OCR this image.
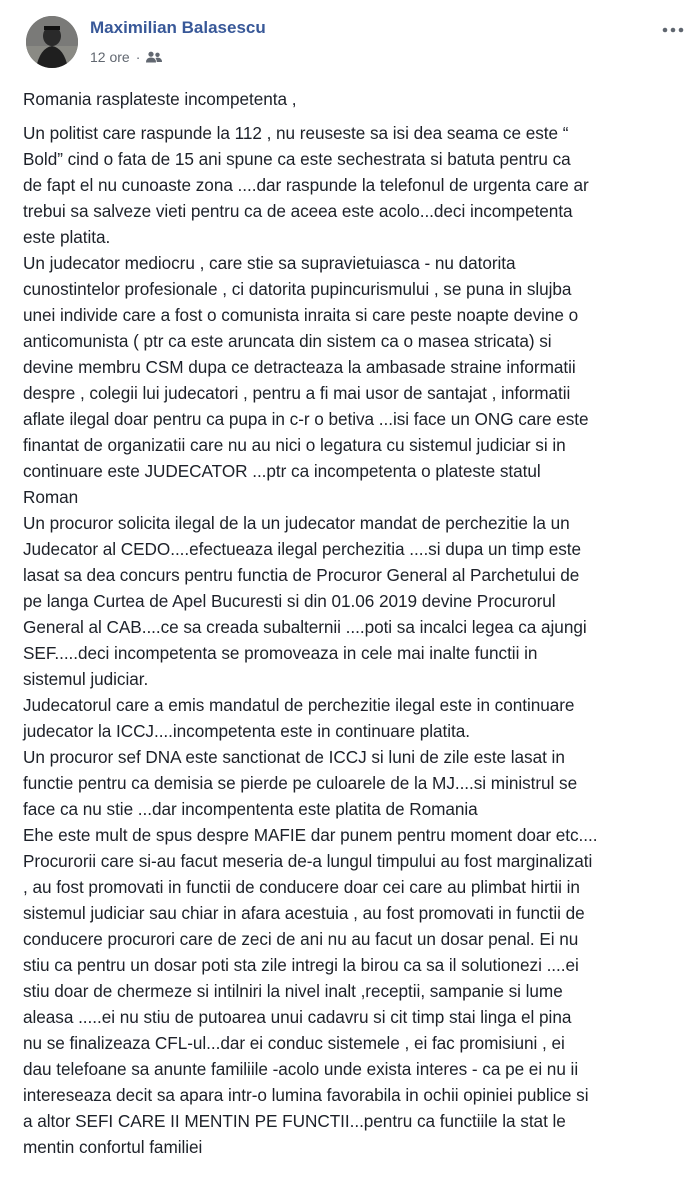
Maximilian Balasescu
12 ore ·
Romania rasplateste incompetenta ,
Un politist care raspunde la 112 , nu reuseste sa isi dea seama ce este “
Bold” cind o fata de 15 ani spune ca este sechestrata si batuta pentru ca
de fapt el nu cunoaste zona ....dar raspunde la telefonul de urgenta care ar
trebui sa salveze vieti pentru ca de aceea este acolo...deci incompetenta
este platita.
Un judecator mediocru , care stie sa supravietuiasca - nu datorita
cunostintelor profesionale , ci datorita pupincurismului , se puna in slujba
unei individe care a fost o comunista inraita si care peste noapte devine o
anticomunista ( ptr ca este aruncata din sistem ca o masea stricata) si
devine membru CSM dupa ce detracteaza la ambasade straine informatii
despre , colegii lui judecatori , pentru a fi mai usor de santajat , informatii
aflate ilegal doar pentru ca pupa in c-r o betiva ...isi face un ONG care este
finantat de organizatii care nu au nici o legatura cu sistemul judiciar si in
continuare este JUDECATOR ...ptr ca incompetenta o plateste statul
Roman
Un procuror solicita ilegal de la un judecator mandat de perchezitie la un
Judecator al CEDO....efectueaza ilegal perchezitia ....si dupa un timp este
lasat sa dea concurs pentru functia de Procuror General al Parchetului de
pe langa Curtea de Apel Bucuresti si din 01.06 2019 devine Procurorul
General al CAB....ce sa creada subalternii ....poti sa incalci legea ca ajungi
SEF.....deci incompetenta se promoveaza in cele mai inalte functii in
sistemul judiciar.
Judecatorul care a emis mandatul de perchezitie ilegal este in continuare
judecator la ICCJ....incompetenta este in continuare platita.
Un procuror sef DNA este sanctionat de ICCJ si luni de zile este lasat in
functie pentru ca demisia se pierde pe culoarele de la MJ....si ministrul se
face ca nu stie ...dar incompententa este platita de Romania
Ehe este mult de spus despre MAFIE dar punem pentru moment doar etc....
Procurorii care si-au facut meseria de-a lungul timpului au fost marginalizati
, au fost promovati in functii de conducere doar cei care au plimbat hirtii in
sistemul judiciar sau chiar in afara acestuia , au fost promovati in functii de
conducere procurori care de zeci de ani nu au facut un dosar penal. Ei nu
stiu ca pentru un dosar poti sta zile intregi la birou ca sa il solutionezi ....ei
stiu doar de chermeze si intilniri la nivel inalt ,receptii, sampanie si lume
aleasa .....ei nu stiu de putoarea unui cadavru si cit timp stai linga el pina
nu se finalizeaza CFL-ul...dar ei conduc sistemele , ei fac promisiuni , ei
dau telefoane sa anunte familiile -acolo unde exista interes - ca pe ei nu ii
intereseaza decit sa apara intr-o lumina favorabila in ochii opiniei publice si
a altor SEFI CARE II MENTIN PE FUNCTII...pentru ca functiile la stat le
mentin confortul familiei
